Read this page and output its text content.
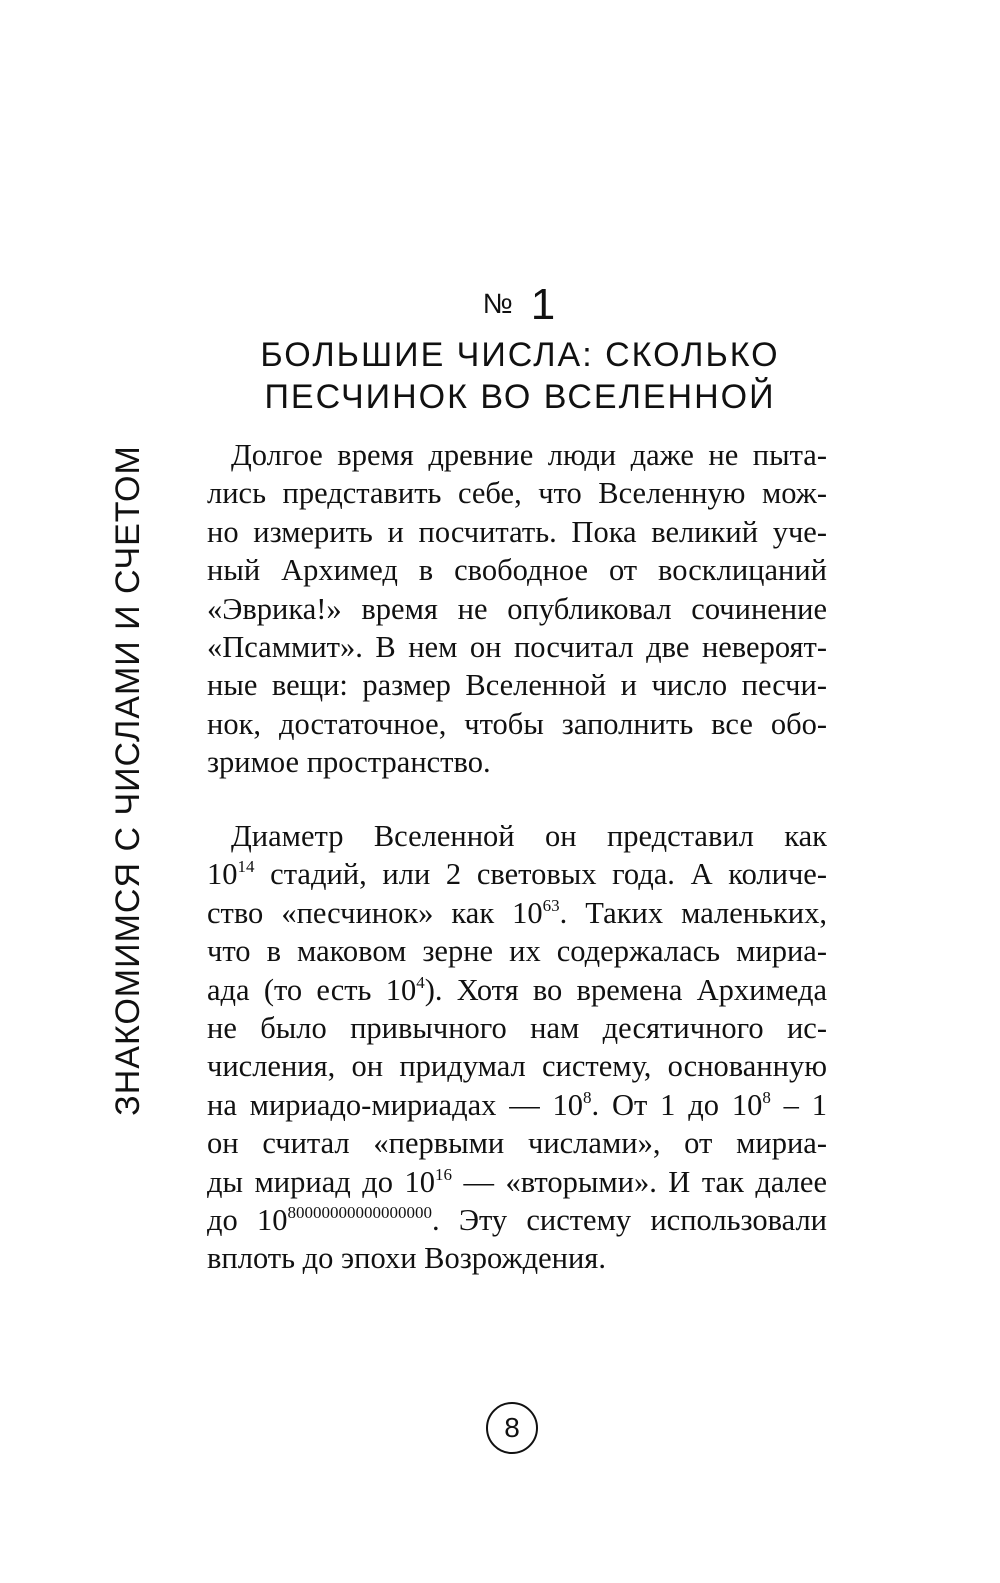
ЗНАКОМИМСЯ С ЧИСЛАМИ И СЧЕТОМ
№ 1
БОЛЬШИЕ ЧИСЛА: СКОЛЬКО
ПЕСЧИНОК ВО ВСЕЛЕННОЙ
Долгое время древние люди даже не пыта-
лись представить себе, что Вселенную мож-
но измерить и посчитать. Пока великий уче-
ный Архимед в свободное от восклицаний
«Эврика!» время не опубликовал сочинение
«Псаммит». В нем он посчитал две невероят-
ные вещи: размер Вселенной и число песчи-
нок, достаточное, чтобы заполнить все обо-
зримое пространство.
Диаметр Вселенной он представил как
$10^{14}$ стадий, или 2 световых года. А количе-
ство «песчинок» как $10^{63}$. Таких маленьких,
что в маковом зерне их содержалась мириа-
ада (то есть $10^4$). Хотя во времена Архимеда
не было привычного нам десятичного ис-
числения, он придумал систему, основанную
на мириадо-мириадах — $10^8$. От 1 до $10^8 - 1$
он считал «первыми числами», от мириа-
ды мириад до $10^{16}$ — «вторыми». И так далее
до $10^{80000000000000000}$. Эту систему использовали
вплоть до эпохи Возрождения.
8
